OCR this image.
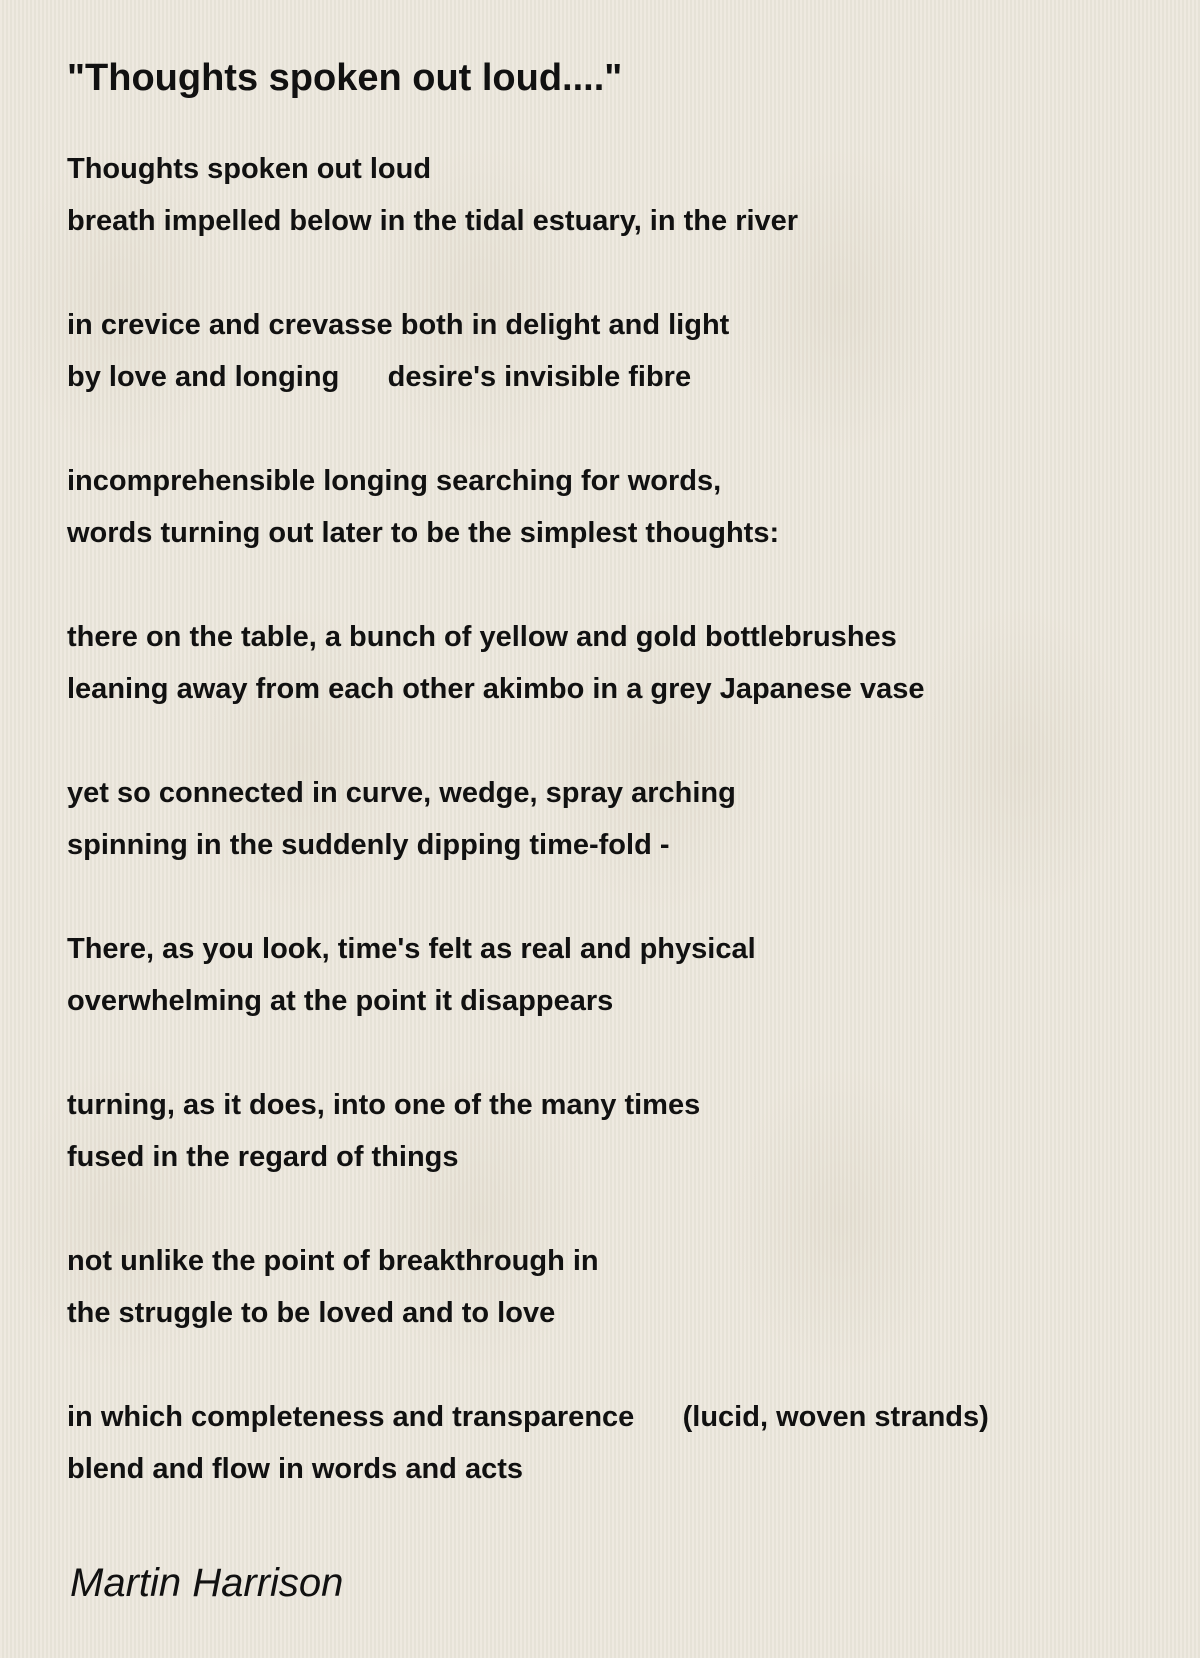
"Thoughts spoken out loud...."
Thoughts spoken out loud
breath impelled below in the tidal estuary, in the river
in crevice and crevasse both in delight and light
by love and longing      desire's invisible fibre
incomprehensible longing searching for words,
words turning out later to be the simplest thoughts:
there on the table, a bunch of yellow and gold bottlebrushes
leaning away from each other akimbo in a grey Japanese vase
yet so connected in curve, wedge, spray arching
spinning in the suddenly dipping time-fold -
There, as you look, time's felt as real and physical
overwhelming at the point it disappears
turning, as it does, into one of the many times
fused in the regard of things
not unlike the point of breakthrough in
the struggle to be loved and to love
in which completeness and transparence      (lucid, woven strands)
blend and flow in words and acts
Martin Harrison
